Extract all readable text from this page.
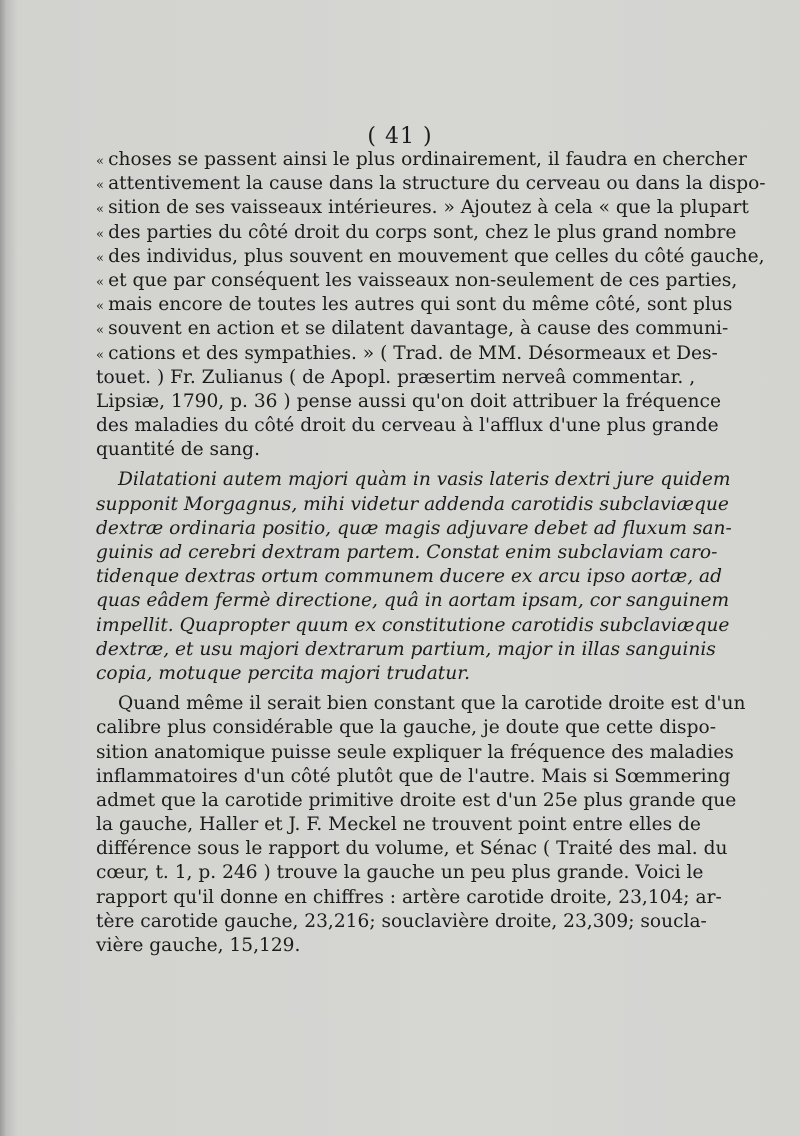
( 41 )
« choses se passent ainsi le plus ordinairement, il faudra en chercher
« attentivement la cause dans la structure du cerveau ou dans la dispo-
« sition de ses vaisseaux intérieures. » Ajoutez à cela « que la plupart
« des parties du côté droit du corps sont, chez le plus grand nombre
« des individus, plus souvent en mouvement que celles du côté gauche,
« et que par conséquent les vaisseaux non-seulement de ces parties,
« mais encore de toutes les autres qui sont du même côté, sont plus
« souvent en action et se dilatent davantage, à cause des communi-
« cations et des sympathies. » ( Trad. de MM. Désormeaux et Des-
touet. ) Fr. Zulianus ( de Apopl. præsertim nerveâ commentar. ,
Lipsiæ, 1790, p. 36 ) pense aussi qu'on doit attribuer la fréquence
des maladies du côté droit du cerveau à l'afflux d'une plus grande
quantité de sang.
Dilatationi autem majori quàm in vasis lateris dextri jure quidem
supponit Morgagnus, mihi videtur addenda carotidis subclaviæque
dextræ ordinaria positio, quæ magis adjuvare debet ad fluxum san-
guinis ad cerebri dextram partem. Constat enim subclaviam caro-
tidenque dextras ortum communem ducere ex arcu ipso aortæ, ad
quas eâdem fermè directione, quâ in aortam ipsam, cor sanguinem
impellit. Quapropter quum ex constitutione carotidis subclaviæque
dextræ, et usu majori dextrarum partium, major in illas sanguinis
copia, motuque percita majori trudatur.
Quand même il serait bien constant que la carotide droite est d'un
calibre plus considérable que la gauche, je doute que cette dispo-
sition anatomique puisse seule expliquer la fréquence des maladies
inflammatoires d'un côté plutôt que de l'autre. Mais si Sœmmering
admet que la carotide primitive droite est d'un 25e plus grande que
la gauche, Haller et J. F. Meckel ne trouvent point entre elles de
différence sous le rapport du volume, et Sénac ( Traité des mal. du
cœur, t. 1, p. 246 ) trouve la gauche un peu plus grande. Voici le
rapport qu'il donne en chiffres : artère carotide droite, 23,104; ar-
tère carotide gauche, 23,216; souclavière droite, 23,309; soucla-
vière gauche, 15,129.
